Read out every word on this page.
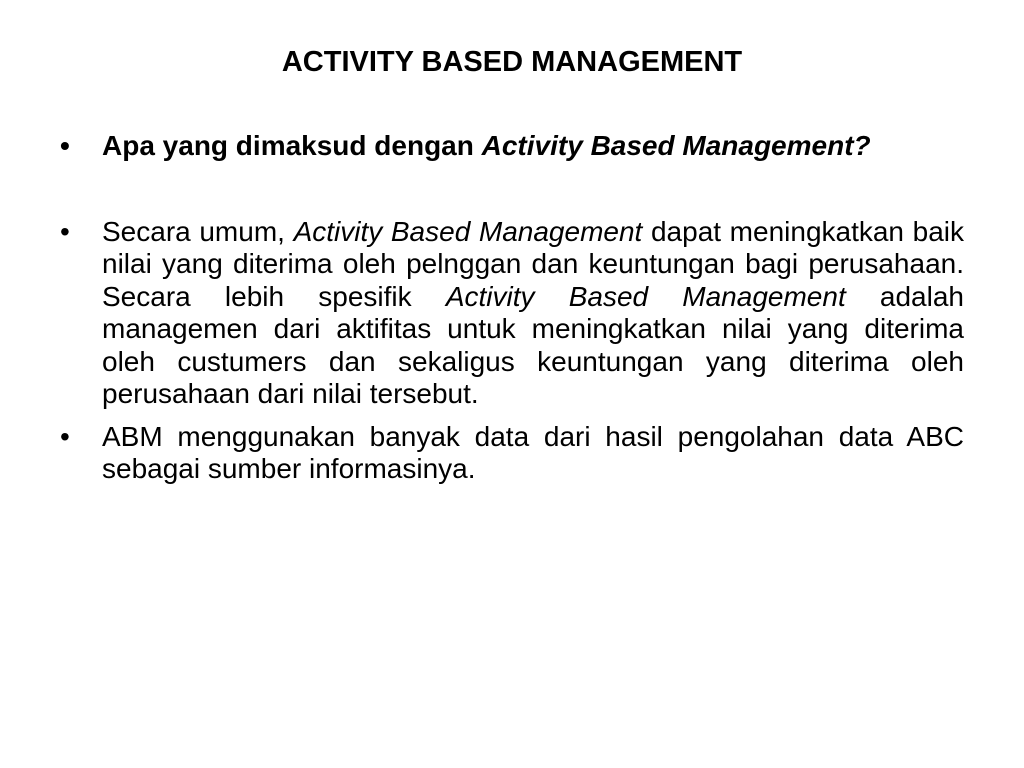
ACTIVITY BASED MANAGEMENT
• Apa yang dimaksud dengan Activity Based Management?
• Secara umum, Activity Based Management dapat meningkatkan baik nilai yang diterima oleh pelnggan dan keuntungan bagi perusahaan. Secara lebih spesifik Activity Based Management adalah managemen dari aktifitas untuk meningkatkan nilai yang diterima oleh custumers dan sekaligus keuntungan yang diterima oleh perusahaan dari nilai tersebut.
• ABM menggunakan banyak data dari hasil pengolahan data ABC sebagai sumber informasinya.
